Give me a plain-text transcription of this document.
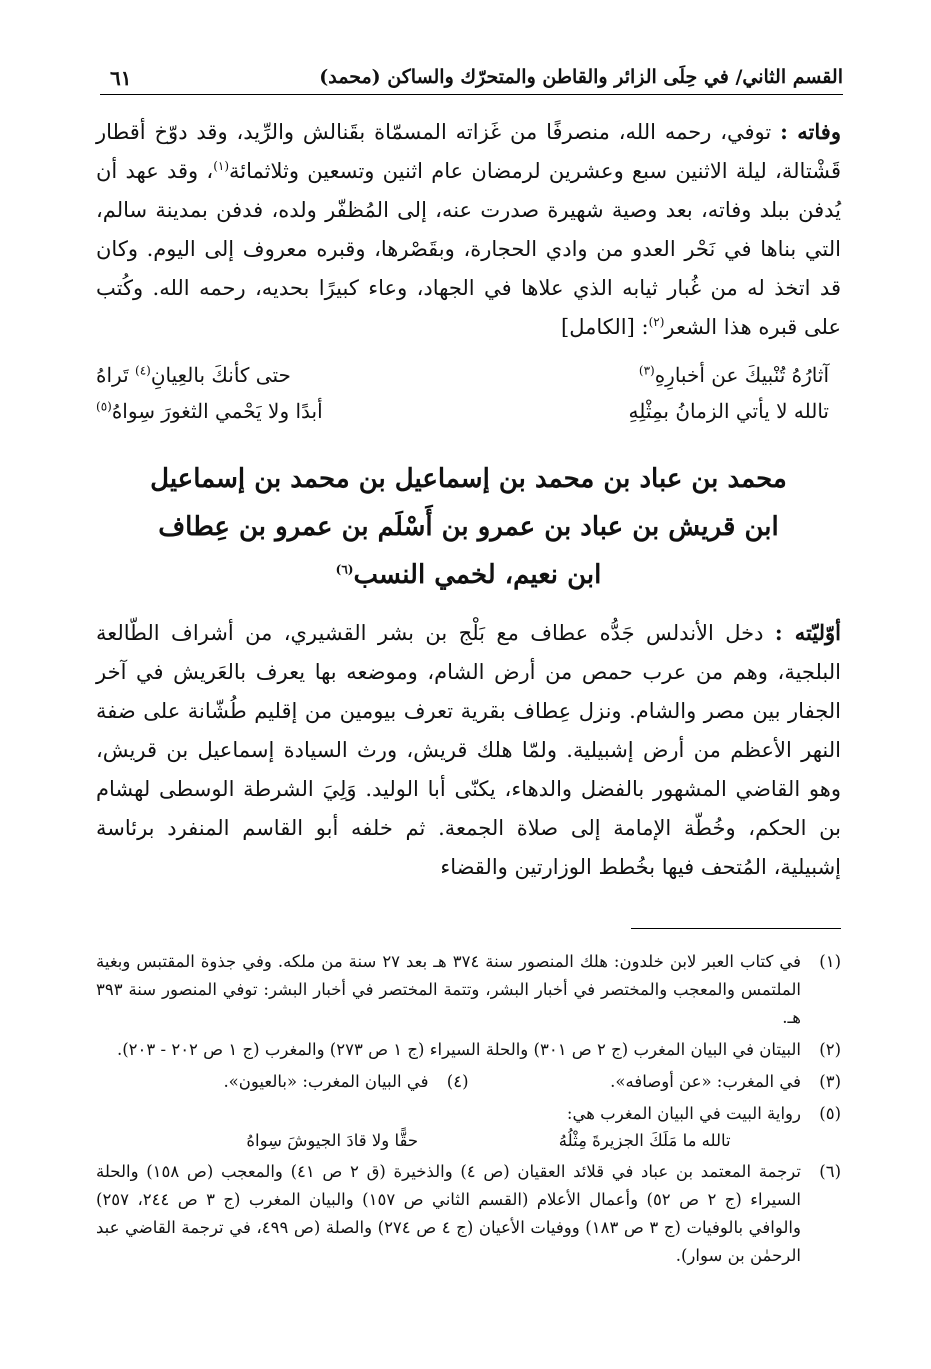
القسم الثاني/ في حِلَى الزائر والقاطن والمتحرّك والساكن (محمد)
٦١

وفاته : توفي، رحمه الله، منصرفًا من غَزاته المسمّاة بقَنالش والرِّيد، وقد دوّخ أقطار قَشْتالة، ليلة الاثنين سبع وعشرين لرمضان عام اثنين وتسعين وثلاثمائة$^{(١)}$، وقد عهد أن يُدفن ببلد وفاته، بعد وصية شهيرة صدرت عنه، إلى المُظفّر ولده، فدفن بمدينة سالم، التي بناها في نَحْر العدو من وادي الحجارة، وبقَصْرها، وقبره معروف إلى اليوم. وكان قد اتخذ له من غُبار ثيابه الذي علاها في الجهاد، وعاء كبيرًا بحديه، رحمه الله. وكُتب على قبره هذا الشعر$^{(٢)}$: [الكامل]

آثارُهُ تُنْبيكَ عن أخبارِهِ$^{(٣)}$
حتى كأنكَ بالعِيانِ$^{(٤)}$ تَراهُ
تالله لا يأتي الزمانُ بمِثْلِهِ
أبدًا ولا يَحْمي الثغورَ سِواهُ$^{(٥)}$
محمد بن عباد بن محمد بن إسماعيل بن محمد بن إسماعيل
ابن قريش بن عباد بن عمرو بن أَسْلَم بن عمرو بن عِطاف
ابن نعيم، لخمي النسب$^{(٦)}$

أوّليّته : دخل الأندلس جَدُّه عطاف مع بَلْج بن بشر القشيري، من أشراف الطّالعة البلجية، وهم من عرب حمص من أرض الشام، وموضعه بها يعرف بالعَريش في آخر الجفار بين مصر والشام. ونزل عِطاف بقرية تعرف بيومين من إقليم طُشّانة على ضفة النهر الأعظم من أرض إشبيلية. ولمّا هلك قريش، ورث السيادة إسماعيل بن قريش، وهو القاضي المشهور بالفضل والدهاء، يكنّى أبا الوليد. وَلِيَ الشرطة الوسطى لهشام بن الحكم، وخُطّة الإمامة إلى صلاة الجمعة. ثم خلفه أبو القاسم المنفرد برئاسة إشبيلية، المُتحف فيها بخُطط الوزارتين والقضاء

(١)
في كتاب العبر لابن خلدون: هلك المنصور سنة ٣٧٤ هـ بعد ٢٧ سنة من ملكه. وفي جذوة المقتبس وبغية الملتمس والمعجب والمختصر في أخبار البشر، وتتمة المختصر في أخبار البشر: توفي المنصور سنة ٣٩٣ هـ.
(٢)
البيتان في البيان المغرب (ج ٢ ص ٣٠١) والحلة السيراء (ج ١ ص ٢٧٣) والمغرب (ج ١ ص ٢٠٢ - ٢٠٣).
(٣)
في المغرب: «عن أوصافه».
(٤)
في البيان المغرب: «بالعيون».
(٥)
رواية البيت في البيان المغرب هي:
تالله ما مَلَكَ الجزيرةَ مِثْلُهُ
حقًّا ولا قادَ الجيوشَ سِواهُ
(٦)
ترجمة المعتمد بن عباد في قلائد العقيان (ص ٤) والذخيرة (ق ٢ ص ٤١) والمعجب (ص ١٥٨) والحلة السيراء (ج ٢ ص ٥٢) وأعمال الأعلام (القسم الثاني ص ١٥٧) والبيان المغرب (ج ٣ ص ٢٤٤، ٢٥٧) والوافي بالوفيات (ج ٣ ص ١٨٣) ووفيات الأعيان (ج ٤ ص ٢٧٤) والصلة (ص ٤٩٩، في ترجمة القاضي عبد الرحمٰن بن سوار).
